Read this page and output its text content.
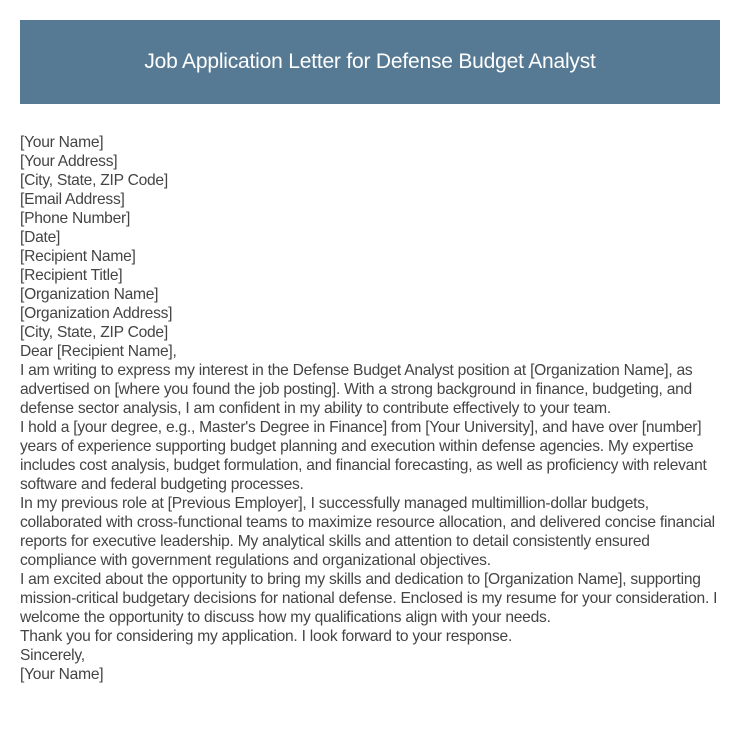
Job Application Letter for Defense Budget Analyst
[Your Name]
[Your Address]
[City, State, ZIP Code]
[Email Address]
[Phone Number]
[Date]
[Recipient Name]
[Recipient Title]
[Organization Name]
[Organization Address]
[City, State, ZIP Code]
Dear [Recipient Name],
I am writing to express my interest in the Defense Budget Analyst position at [Organization Name], as advertised on [where you found the job posting]. With a strong background in finance, budgeting, and defense sector analysis, I am confident in my ability to contribute effectively to your team.
I hold a [your degree, e.g., Master's Degree in Finance] from [Your University], and have over [number] years of experience supporting budget planning and execution within defense agencies. My expertise includes cost analysis, budget formulation, and financial forecasting, as well as proficiency with relevant software and federal budgeting processes.
In my previous role at [Previous Employer], I successfully managed multimillion-dollar budgets, collaborated with cross-functional teams to maximize resource allocation, and delivered concise financial reports for executive leadership. My analytical skills and attention to detail consistently ensured compliance with government regulations and organizational objectives.
I am excited about the opportunity to bring my skills and dedication to [Organization Name], supporting mission-critical budgetary decisions for national defense. Enclosed is my resume for your consideration. I welcome the opportunity to discuss how my qualifications align with your needs.
Thank you for considering my application. I look forward to your response.
Sincerely,
[Your Name]
